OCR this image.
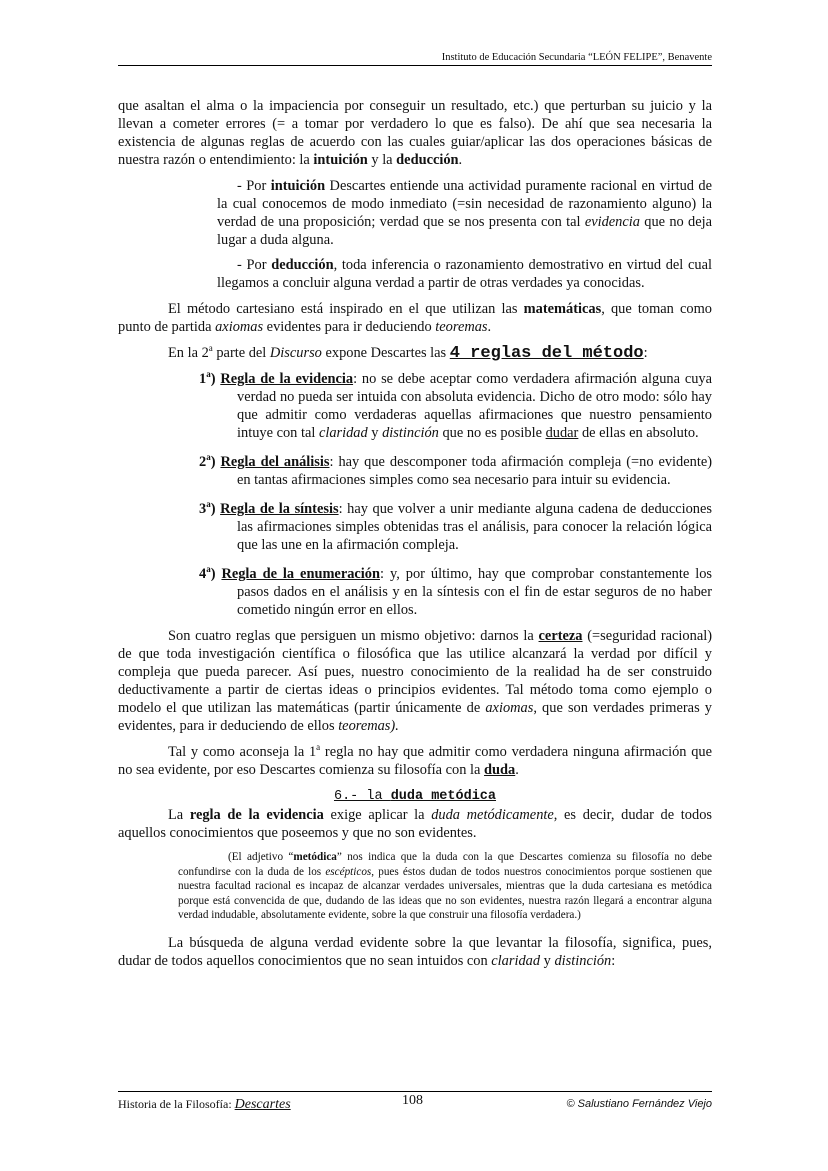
Instituto de Educación Secundaria “LEÓN FELIPE”, Benavente

que asaltan el alma o la impaciencia por conseguir un resultado, etc.) que perturban su juicio y la llevan a cometer errores (= a tomar por verdadero lo que es falso). De ahí que sea necesaria la existencia de algunas reglas de acuerdo con las cuales guiar/aplicar las dos operaciones básicas de nuestra razón o entendimiento: la intuición y la deducción.

- Por intuición Descartes entiende una actividad puramente racional en virtud de la cual conocemos de modo inmediato (=sin necesidad de razonamiento alguno) la verdad de una proposición; verdad que se nos presenta con tal evidencia que no deja lugar a duda alguna.

- Por deducción, toda inferencia o razonamiento demostrativo en virtud del cual llegamos a concluir alguna verdad a partir de otras verdades ya conocidas.

El método cartesiano está inspirado en el que utilizan las matemáticas, que toman como punto de partida axiomas evidentes para ir deduciendo teoremas.

En la 2$^a$ parte del Discurso expone Descartes las 4 reglas del método:

1$^a$) Regla de la evidencia: no se debe aceptar como verdadera afirmación alguna cuya verdad no pueda ser intuida con absoluta evidencia. Dicho de otro modo: sólo hay que admitir como verdaderas aquellas afirmaciones que nuestro pensamiento intuye con tal claridad y distinción que no es posible dudar de ellas en absoluto.

2$^a$) Regla del análisis: hay que descomponer toda afirmación compleja (=no evidente) en tantas afirmaciones simples como sea necesario para intuir su evidencia.

3$^a$) Regla de la síntesis: hay que volver a unir mediante alguna cadena de deducciones las afirmaciones simples obtenidas tras el análisis, para conocer la relación lógica que las une en la afirmación compleja.

4$^a$) Regla de la enumeración: y, por último, hay que comprobar constantemente los pasos dados en el análisis y en la síntesis con el fin de estar seguros de no haber cometido ningún error en ellos.

Son cuatro reglas que persiguen un mismo objetivo: darnos la certeza (=seguridad racional) de que toda investigación científica o filosófica que las utilice alcanzará la verdad por difícil y compleja que pueda parecer. Así pues, nuestro conocimiento de la realidad ha de ser construido deductivamente a partir de ciertas ideas o principios evidentes. Tal método toma como ejemplo o modelo el que utilizan las matemáticas (partir únicamente de axiomas, que son verdades primeras y evidentes, para ir deduciendo de ellos teoremas).

Tal y como aconseja la 1$^a$ regla no hay que admitir como verdadera ninguna afirmación que no sea evidente, por eso Descartes comienza su filosofía con la duda.

6.- la duda metódica

La regla de la evidencia exige aplicar la duda metódicamente, es decir, dudar de todos aquellos conocimientos que poseemos y que no son evidentes.

(El adjetivo “metódica” nos indica que la duda con la que Descartes comienza su filosofía no debe confundirse con la duda de los escépticos, pues éstos dudan de todos nuestros conocimientos porque sostienen que nuestra facultad racional es incapaz de alcanzar verdades universales, mientras que la duda cartesiana es metódica porque está convencida de que, dudando de las ideas que no son evidentes, nuestra razón llegará a encontrar alguna verdad indudable, absolutamente evidente, sobre la que construir una filosofía verdadera.)

La búsqueda de alguna verdad evidente sobre la que levantar la filosofía, significa, pues, dudar de todos aquellos conocimientos que no sean intuidos con claridad y distinción:

Historia de la Filosofía: Descartes	108	© Salustiano Fernández Viejo
